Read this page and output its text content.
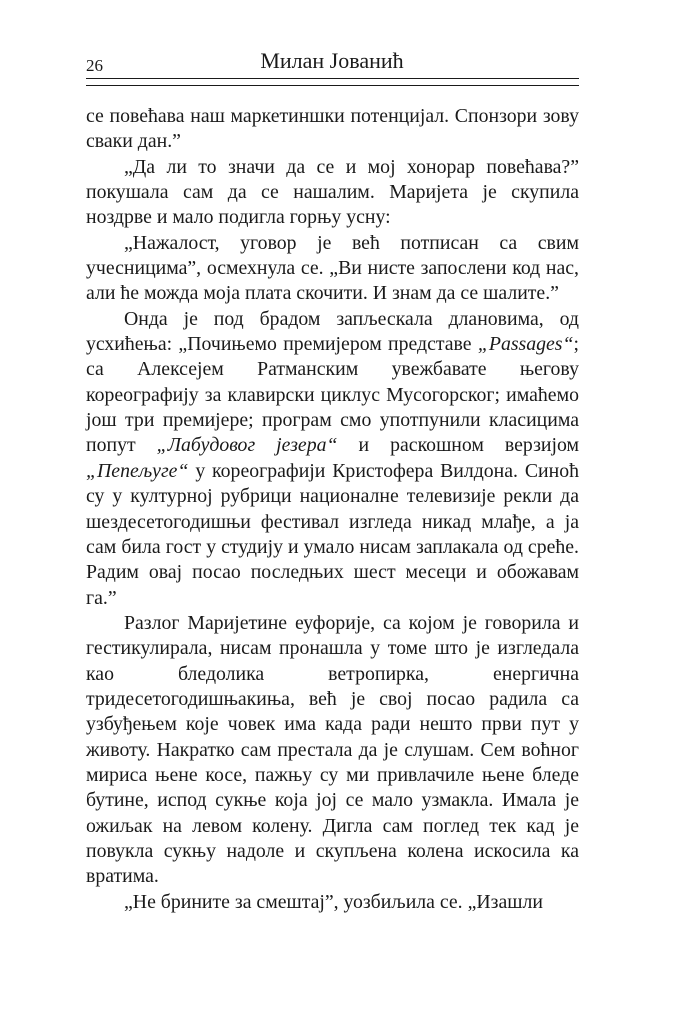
26	Милан Јованић

се повећава наш маркетиншки потенцијал. Спонзори зову сваки дан.”

„Да ли то значи да се и мој хонорар повећава?” покушала сам да се нашалим. Маријета је скупила ноздрве и мало подигла горњу усну:

„Нажалост, уговор је већ потписан са свим учесницима”, осмехнула се. „Ви нисте запослени код нас, али ће можда моја плата скочити. И знам да се шалите.”

Онда је под брадом запљескала длановима, од усхићења: „Почињемо премијером представе „Passages“; са Алексејем Ратманским увежбавате његову кореографију за клавирски циклус Мусогорског; имаћемо још три премијере; програм смо употпунили класицима попут „Лабудовог језера“ и раскошном верзијом „Пепељуге“ у кореографији Кристофера Вилдона. Синоћ су у културној рубрици националне телевизије рекли да шездесетогодишњи фестивал изгледа никад млађе, а ја сам била гост у студију и умало нисам заплакала од среће. Радим овај посао последњих шест месеци и обожавам га.”

Разлог Маријетине еуфорије, са којом је говорила и гестикулирала, нисам пронашла у томе што је изгледала као бледолика ветропирка, енергична тридесетогодишњакиња, већ је свој посао радила са узбуђењем које човек има када ради нешто први пут у животу. Накратко сам престала да је слушам. Сем воћног мириса њене косе, пажњу су ми привлачиле њене бледе бутине, испод сукње која јој се мало узмакла. Имала је ожиљак на левом колену. Дигла сам поглед тек кад је повукла сукњу надоле и скупљена колена искосила ка вратима.

„Не брините за смештај”, уозбиљила се. „Изашли
